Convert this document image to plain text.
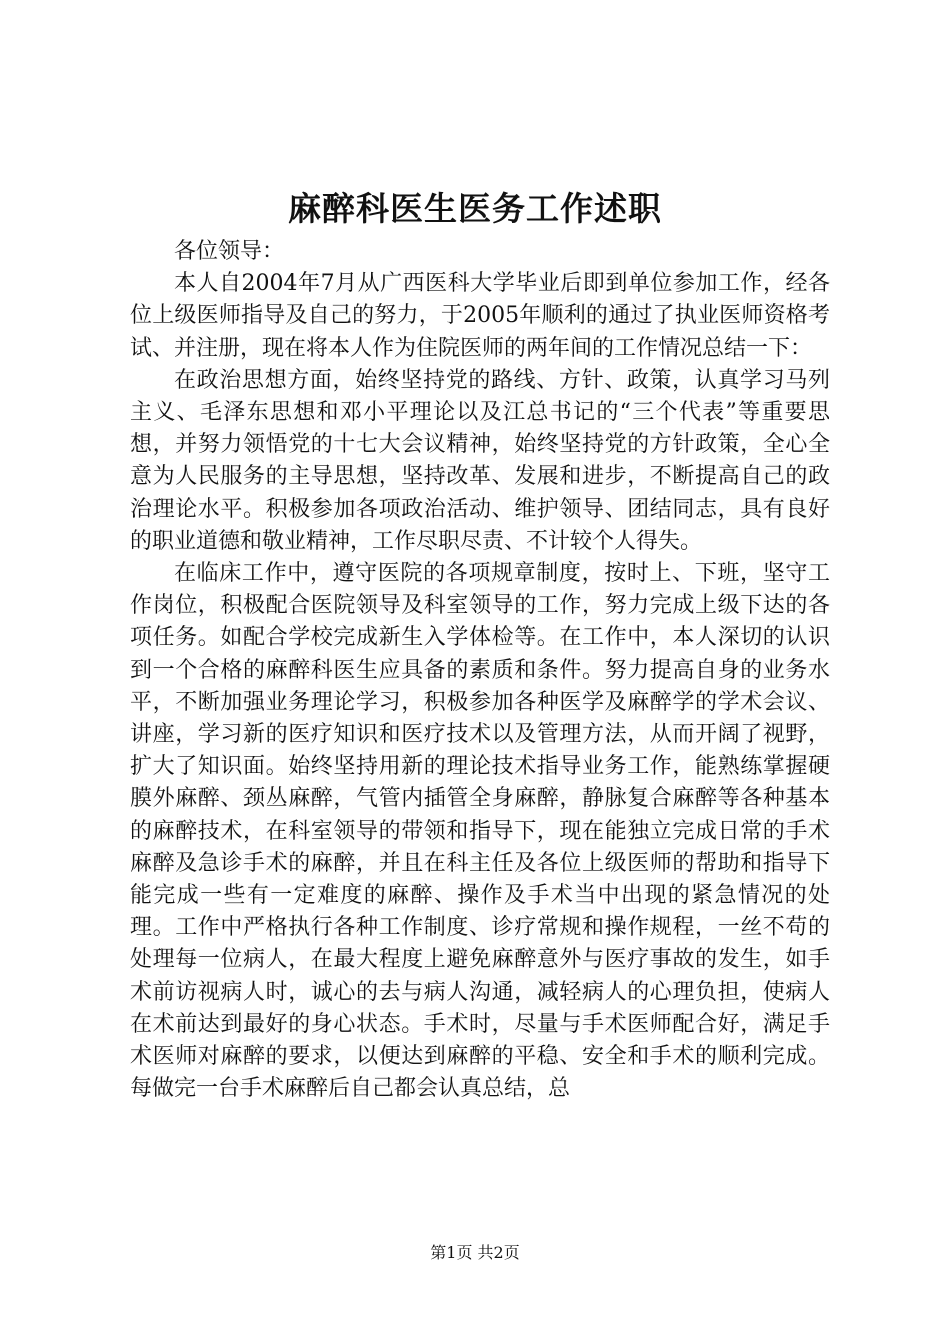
麻醉科医生医务工作述职

各位领导：

本人自2004年7月从广西医科大学毕业后即到单位参加工作，经各位上级医师指导及自己的努力，于2005年顺利的通过了执业医师资格考试、并注册，现在将本人作为住院医师的两年间的工作情况总结一下：

在政治思想方面，始终坚持党的路线、方针、政策，认真学习马列主义、毛泽东思想和邓小平理论以及江总书记的“三个代表”等重要思想，并努力领悟党的十七大会议精神，始终坚持党的方针政策，全心全意为人民服务的主导思想，坚持改革、发展和进步，不断提高自己的政治理论水平。积极参加各项政治活动、维护领导、团结同志，具有良好的职业道德和敬业精神，工作尽职尽责、不计较个人得失。

在临床工作中，遵守医院的各项规章制度，按时上、下班，坚守工作岗位，积极配合医院领导及科室领导的工作，努力完成上级下达的各项任务。如配合学校完成新生入学体检等。在工作中，本人深切的认识到一个合格的麻醉科医生应具备的素质和条件。努力提高自身的业务水平，不断加强业务理论学习，积极参加各种医学及麻醉学的学术会议、讲座，学习新的医疗知识和医疗技术以及管理方法，从而开阔了视野，扩大了知识面。始终坚持用新的理论技术指导业务工作，能熟练掌握硬膜外麻醉、颈丛麻醉，气管内插管全身麻醉，静脉复合麻醉等各种基本的麻醉技术，在科室领导的带领和指导下，现在能独立完成日常的手术麻醉及急诊手术的麻醉，并且在科主任及各位上级医师的帮助和指导下能完成一些有一定难度的麻醉、操作及手术当中出现的紧急情况的处理。工作中严格执行各种工作制度、诊疗常规和操作规程，一丝不苟的处理每一位病人，在最大程度上避免麻醉意外与医疗事故的发生，如手术前访视病人时，诚心的去与病人沟通，减轻病人的心理负担，使病人在术前达到最好的身心状态。手术时，尽量与手术医师配合好，满足手术医师对麻醉的要求，以便达到麻醉的平稳、安全和手术的顺利完成。每做完一台手术麻醉后自己都会认真总结，总

第1页 共2页
